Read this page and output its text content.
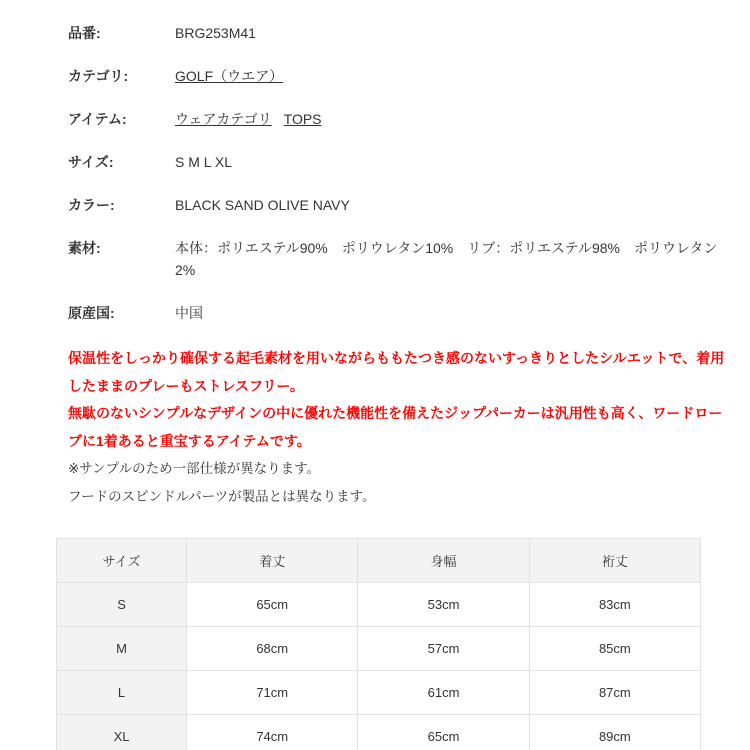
品番:	BRG253M41
カテゴリ:	GOLF（ウエア）
アイテム:	ウェアカテゴリ TOPS
サイズ:	S M L XL
カラー:	BLACK SAND OLIVE NAVY
素材:	本体：ポリエステル90%　ポリウレタン10%　リブ：ポリエステル98%　ポリウレタン2%
原産国:	中国

保温性をしっかり確保する起毛素材を用いながらももたつき感のないすっきりとしたシルエットで、着用したままのプレーもストレスフリー。

無駄のないシンプルなデザインの中に優れた機能性を備えたジップパーカーは汎用性も高く、ワードローブに1着あると重宝するアイテムです。

※サンプルのため一部仕様が異なります。

フードのスピンドルパーツが製品とは異なります。

サイズ	着丈	身幅	裄丈
S	65cm	53cm	83cm
M	68cm	57cm	85cm
L	71cm	61cm	87cm
XL	74cm	65cm	89cm
